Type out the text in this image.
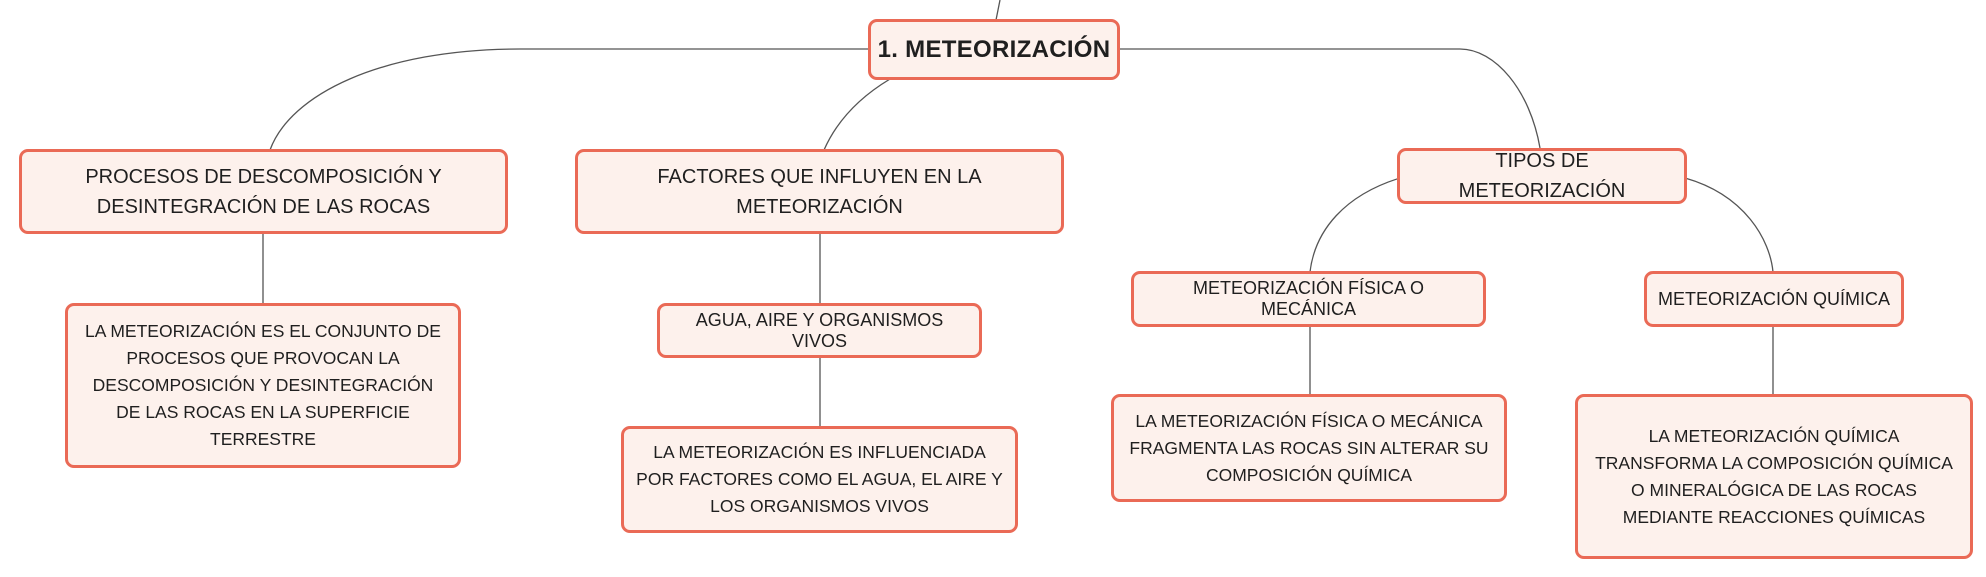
1. METEORIZACIÓN
PROCESOS DE DESCOMPOSICIÓN Y DESINTEGRACIÓN DE LAS ROCAS
LA METEORIZACIÓN ES EL CONJUNTO DE PROCESOS QUE PROVOCAN LA DESCOMPOSICIÓN Y DESINTEGRACIÓN DE LAS ROCAS EN LA SUPERFICIE TERRESTRE
FACTORES QUE INFLUYEN EN LA METEORIZACIÓN
AGUA, AIRE Y ORGANISMOS VIVOS
LA METEORIZACIÓN ES INFLUENCIADA POR FACTORES COMO EL AGUA, EL AIRE Y LOS ORGANISMOS VIVOS
TIPOS DE METEORIZACIÓN
METEORIZACIÓN FÍSICA O MECÁNICA
LA METEORIZACIÓN FÍSICA O MECÁNICA FRAGMENTA LAS ROCAS SIN ALTERAR SU COMPOSICIÓN QUÍMICA
METEORIZACIÓN QUÍMICA
LA METEORIZACIÓN QUÍMICA TRANSFORMA LA COMPOSICIÓN QUÍMICA O MINERALÓGICA DE LAS ROCAS MEDIANTE REACCIONES QUÍMICAS
